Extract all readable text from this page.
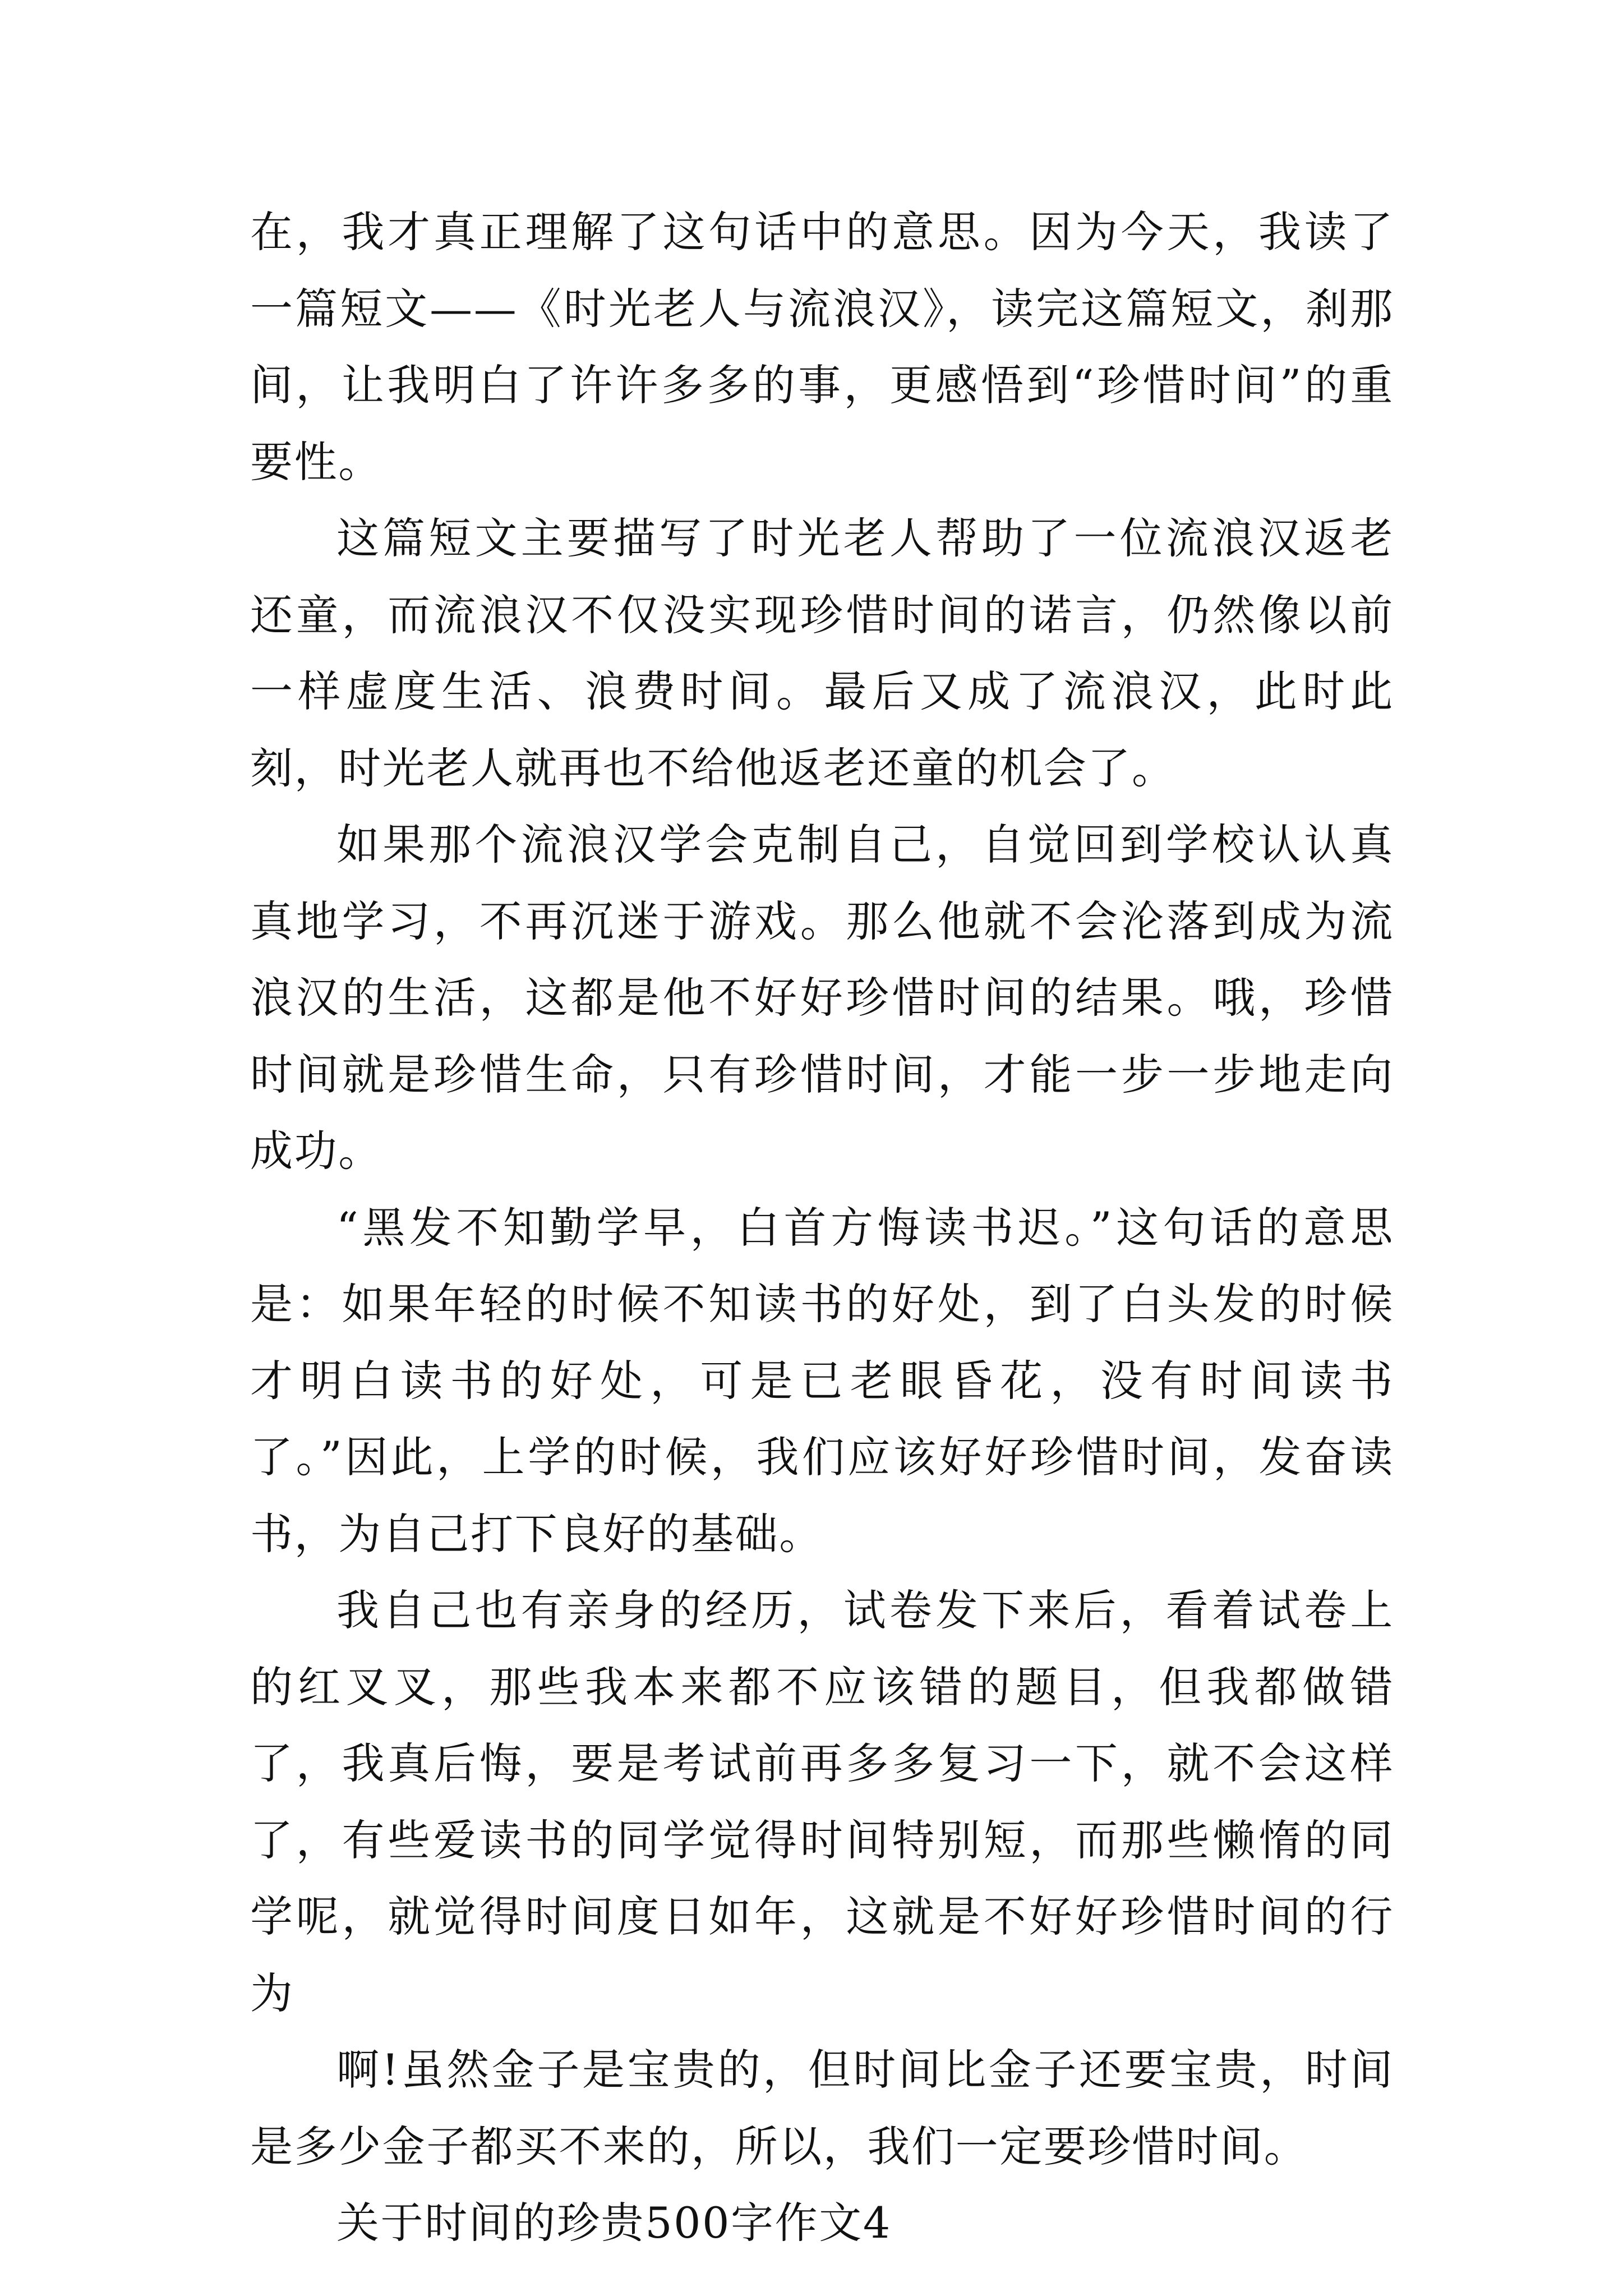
在，我才真正理解了这句话中的意思。因为今天，我读了一篇短文——《时光老人与流浪汉》，读完这篇短文，刹那间，让我明白了许许多多的事，更感悟到“珍惜时间”的重要性。

这篇短文主要描写了时光老人帮助了一位流浪汉返老还童，而流浪汉不仅没实现珍惜时间的诺言，仍然像以前一样虚度生活、浪费时间。最后又成了流浪汉，此时此刻，时光老人就再也不给他返老还童的机会了。

如果那个流浪汉学会克制自己，自觉回到学校认认真真地学习，不再沉迷于游戏。那么他就不会沦落到成为流浪汉的生活，这都是他不好好珍惜时间的结果。哦，珍惜时间就是珍惜生命，只有珍惜时间，才能一步一步地走向成功。

“黑发不知勤学早，白首方悔读书迟。”这句话的意思是：如果年轻的时候不知读书的好处，到了白头发的时候才明白读书的好处，可是已老眼昏花，没有时间读书了。”因此，上学的时候，我们应该好好珍惜时间，发奋读书，为自己打下良好的基础。

我自己也有亲身的经历，试卷发下来后，看着试卷上的红叉叉，那些我本来都不应该错的题目，但我都做错了，我真后悔，要是考试前再多多复习一下，就不会这样了，有些爱读书的同学觉得时间特别短，而那些懒惰的同学呢，就觉得时间度日如年，这就是不好好珍惜时间的行为

啊!虽然金子是宝贵的，但时间比金子还要宝贵，时间是多少金子都买不来的，所以，我们一定要珍惜时间。

关于时间的珍贵500字作文4
